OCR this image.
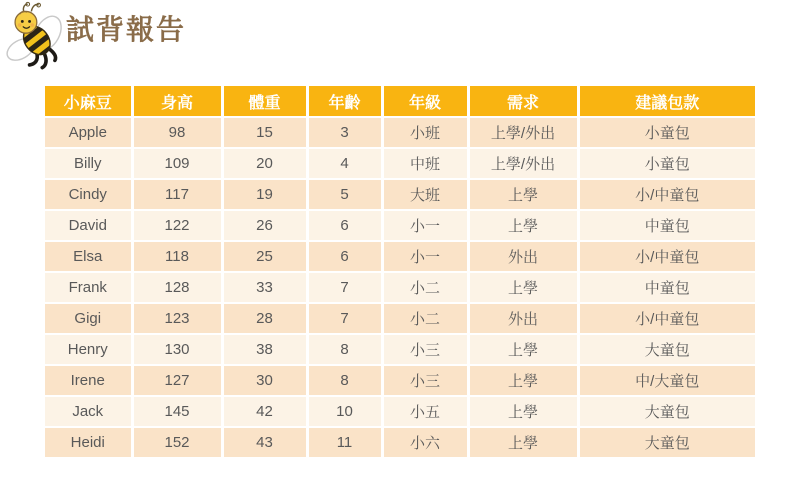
試背報告
小麻豆	身高	體重	年齡	年級	需求	建議包款
Apple	98	15	3	小班	上學/外出	小童包
Billy	109	20	4	中班	上學/外出	小童包
Cindy	117	19	5	大班	上學	小/中童包
David	122	26	6	小一	上學	中童包
Elsa	118	25	6	小一	外出	小/中童包
Frank	128	33	7	小二	上學	中童包
Gigi	123	28	7	小二	外出	小/中童包
Henry	130	38	8	小三	上學	大童包
Irene	127	30	8	小三	上學	中/大童包
Jack	145	42	10	小五	上學	大童包
Heidi	152	43	11	小六	上學	大童包
